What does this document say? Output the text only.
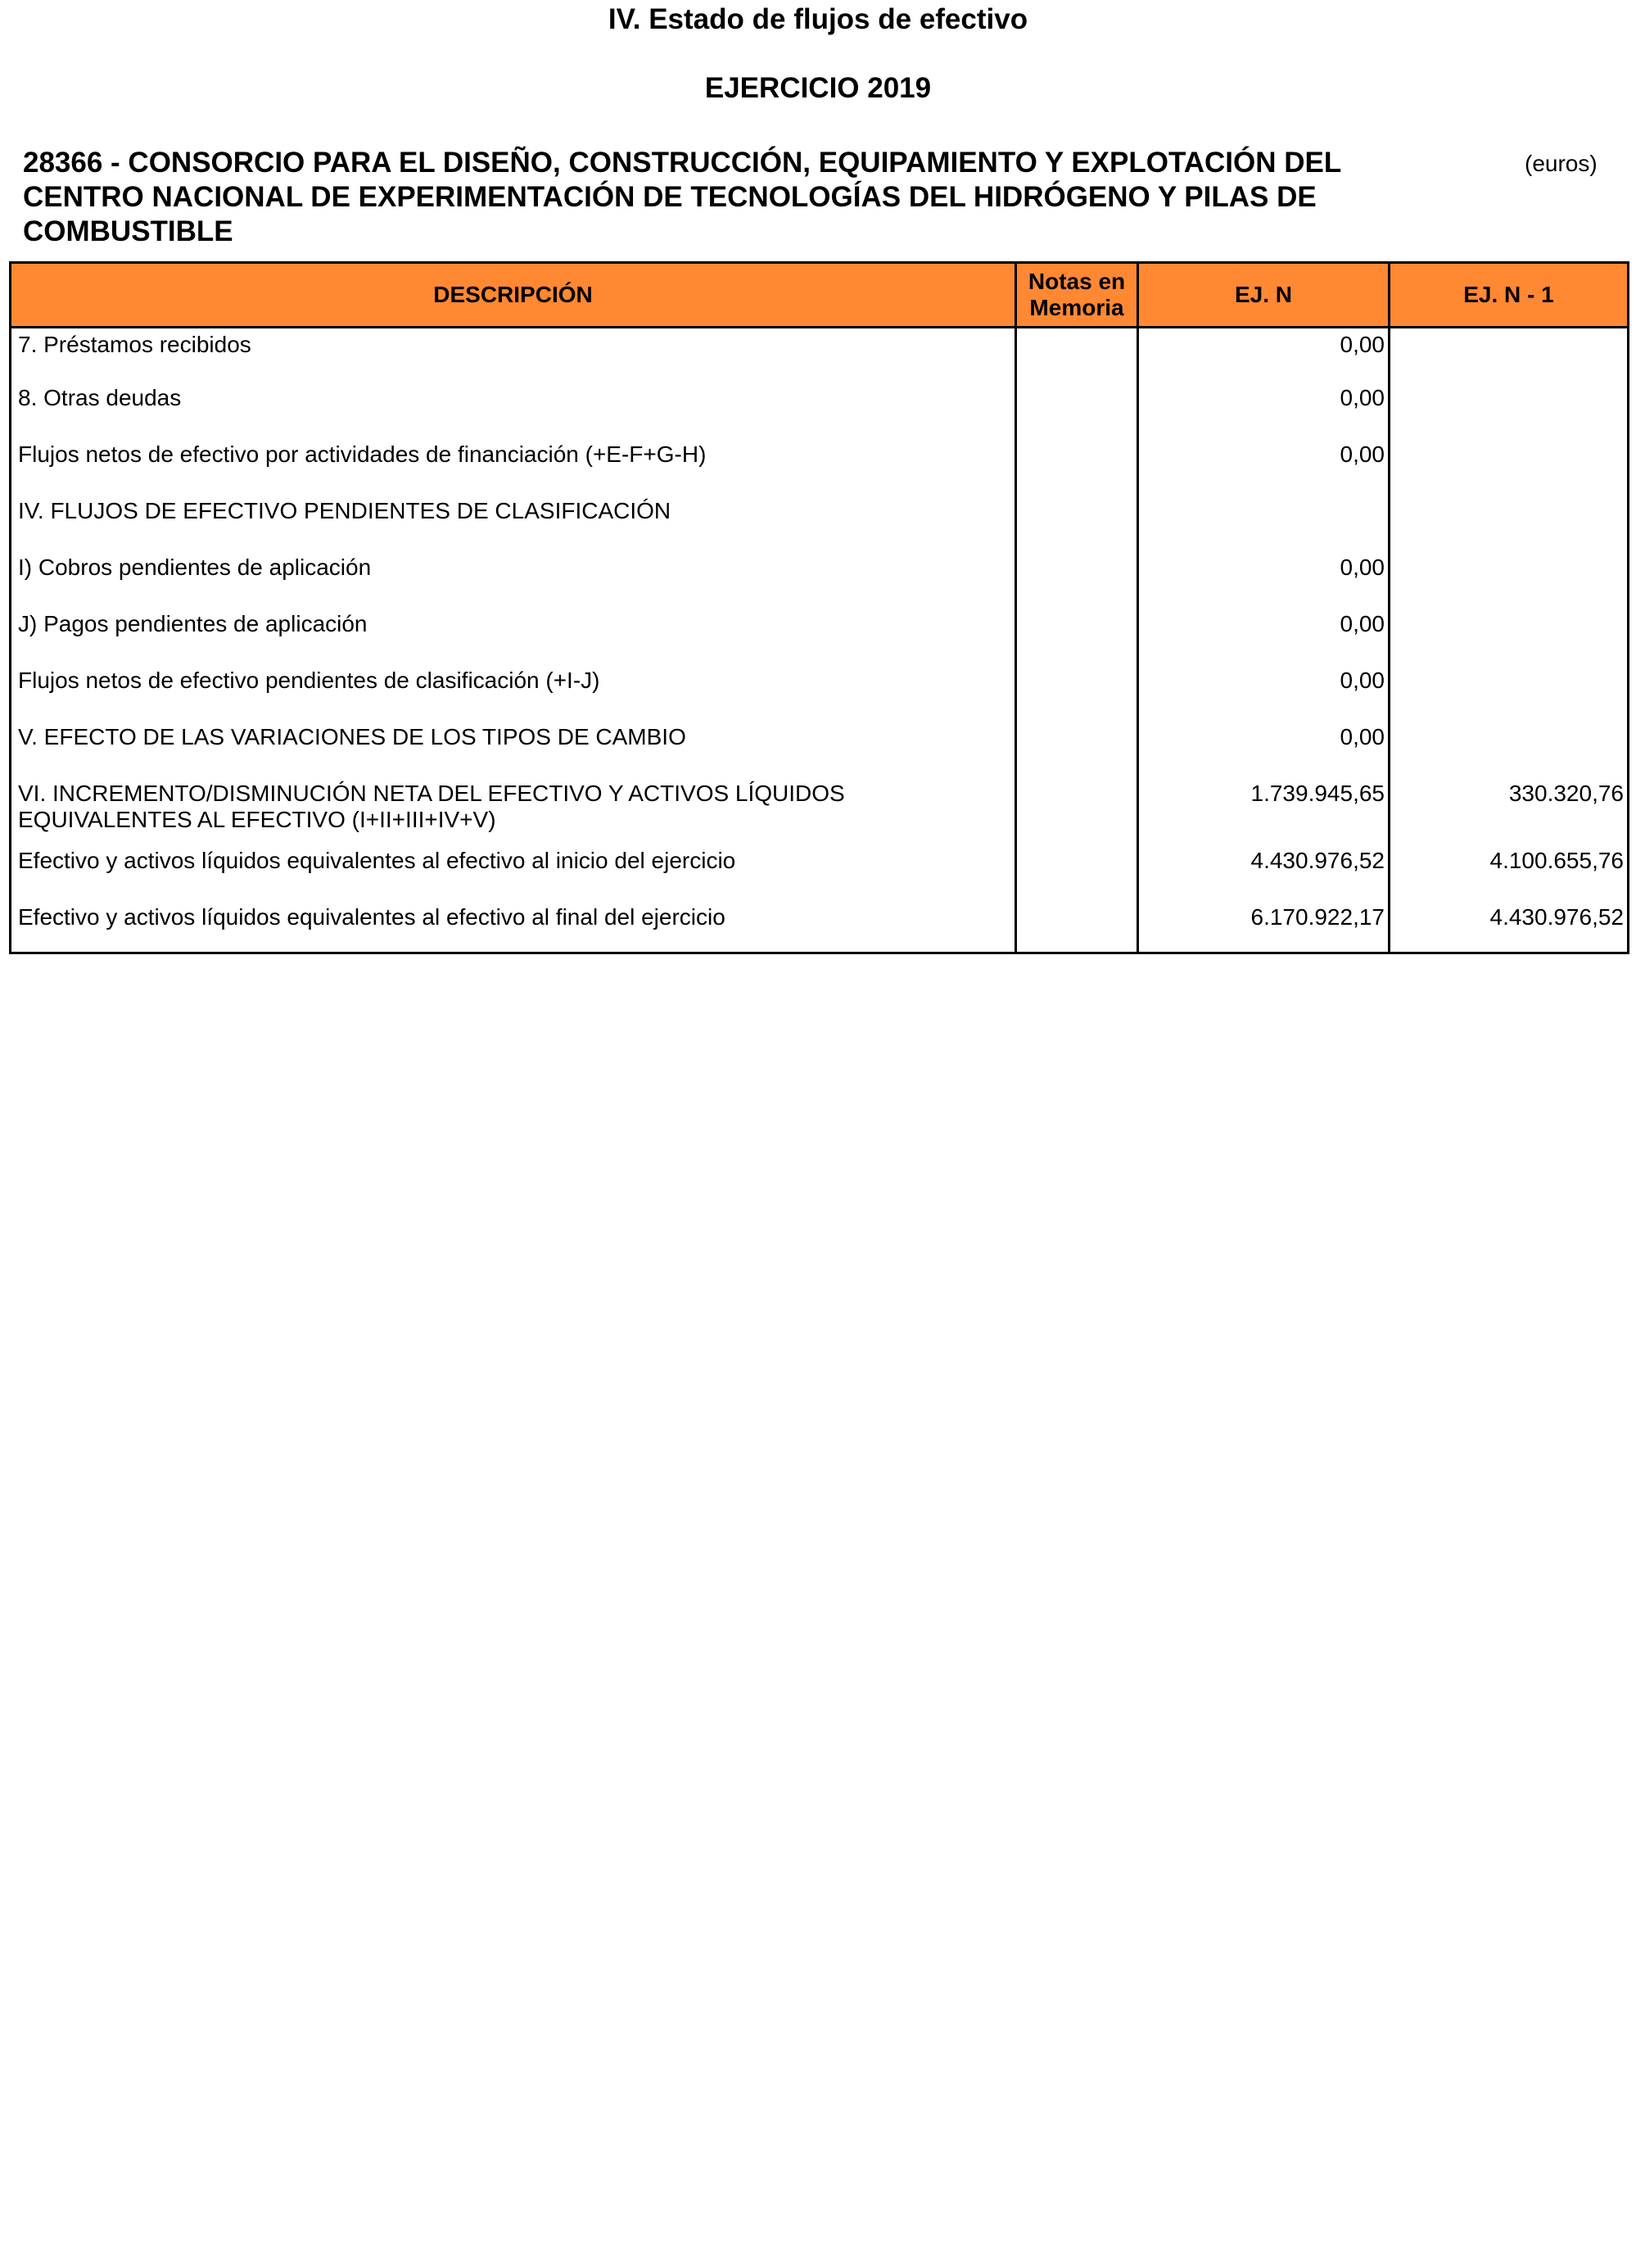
IV. Estado de flujos de efectivo
EJERCICIO 2019
28366 - CONSORCIO PARA EL DISEÑO, CONSTRUCCIÓN, EQUIPAMIENTO Y EXPLOTACIÓN DEL CENTRO NACIONAL DE EXPERIMENTACIÓN DE TECNOLOGÍAS DEL HIDRÓGENO Y PILAS DE COMBUSTIBLE
(euros)
DESCRIPCIÓN	Notas en Memoria	EJ. N	EJ. N - 1
7. Préstamos recibidos		0,00	
8. Otras deudas		0,00	
Flujos netos de efectivo por actividades de financiación (+E-F+G-H)		0,00	
IV. FLUJOS DE EFECTIVO PENDIENTES DE CLASIFICACIÓN			
I) Cobros pendientes de aplicación		0,00	
J) Pagos pendientes de aplicación		0,00	
Flujos netos de efectivo pendientes de clasificación (+I-J)		0,00	
V. EFECTO DE LAS VARIACIONES DE LOS TIPOS DE CAMBIO		0,00	
VI. INCREMENTO/DISMINUCIÓN NETA DEL EFECTIVO Y ACTIVOS LÍQUIDOS EQUIVALENTES AL EFECTIVO (I+II+III+IV+V)		1.739.945,65	330.320,76
Efectivo y activos líquidos equivalentes al efectivo al inicio del ejercicio		4.430.976,52	4.100.655,76
Efectivo y activos líquidos equivalentes al efectivo al final del ejercicio		6.170.922,17	4.430.976,52
